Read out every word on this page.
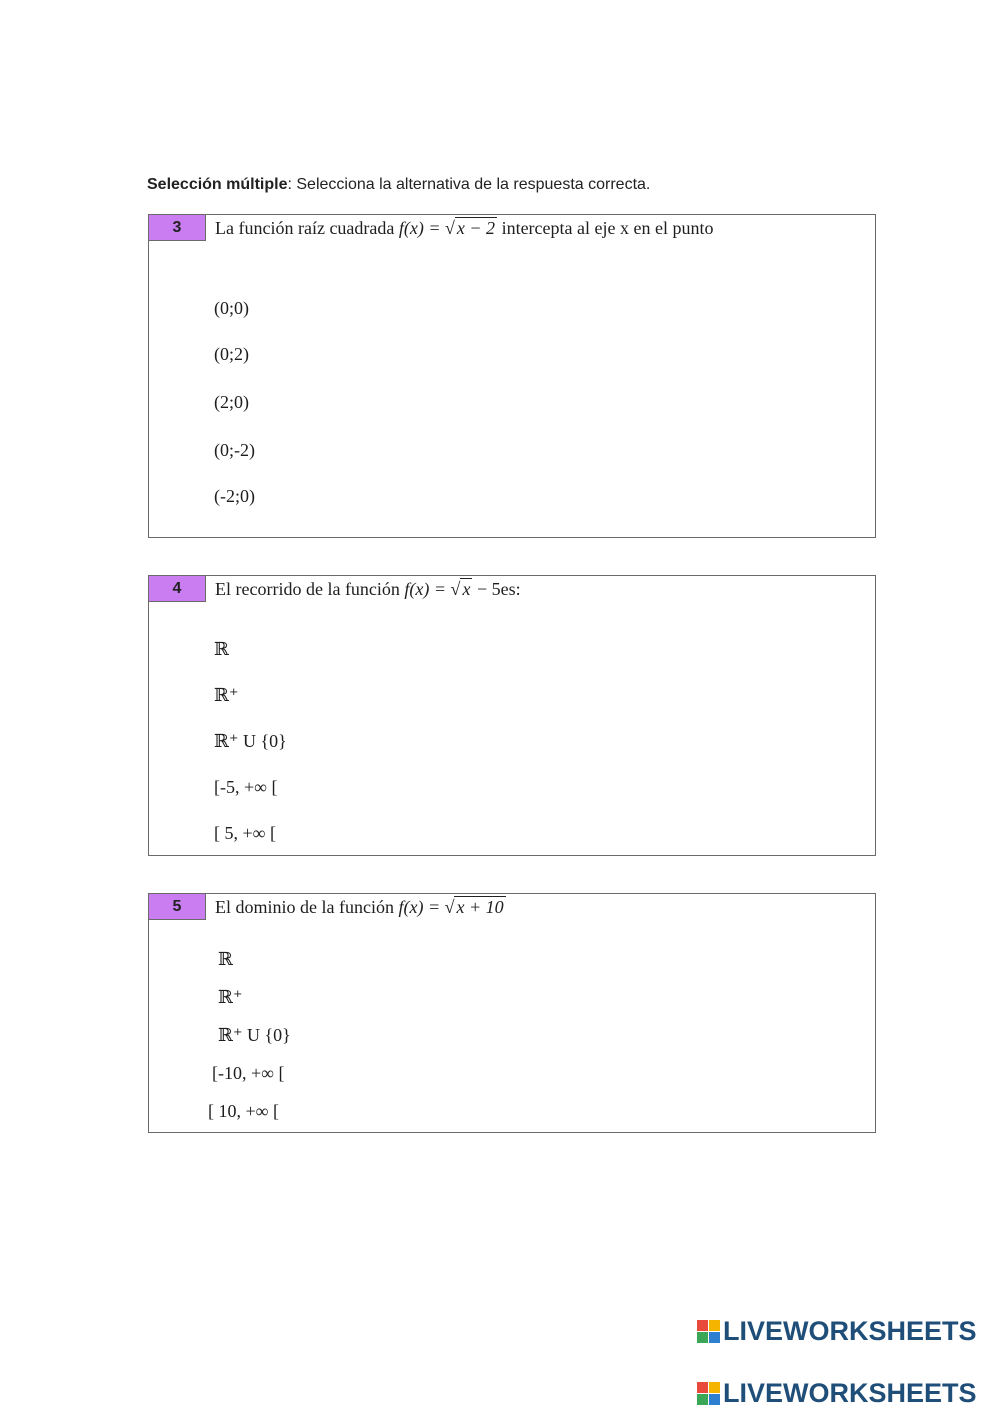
Selección múltiple: Selecciona la alternativa de la respuesta correcta.
3	La función raíz cuadrada f(x) = √ x − 2 intercepta al eje x en el punto
(0;0)
(0;2)
(2;0)
(0;-2)
(-2;0)
4	El recorrido de la función f(x) = √ x − 5es:
ℝ
ℝ⁺
ℝ⁺ U {0}
[-5, +∞ [
[ 5, +∞ [
5	El dominio de la función f(x) = √ x + 10
ℝ
ℝ⁺
ℝ⁺ U {0}
[-10, +∞ [
[ 10, +∞ [
LIVEWORKSHEETS
LIVEWORKSHEETS
